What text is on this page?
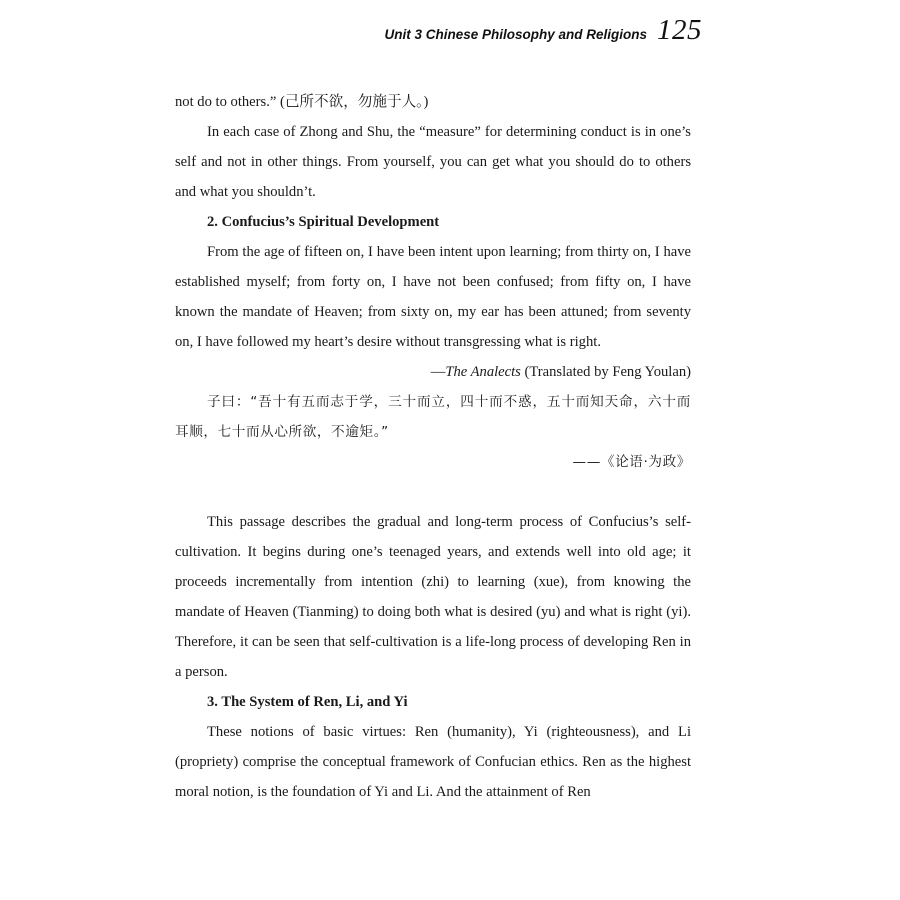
Unit 3 Chinese Philosophy and Religions 125

not do to others.” (己所不欲，勿施于人。)

In each case of Zhong and Shu, the “measure” for determining conduct is in one’s self and not in other things. From yourself, you can get what you should do to others and what you shouldn’t.

2. Confucius’s Spiritual Development

From the age of fifteen on, I have been intent upon learning; from thirty on, I have established myself; from forty on, I have not been confused; from fifty on, I have known the mandate of Heaven; from sixty on, my ear has been attuned; from seventy on, I have followed my heart’s desire without transgressing what is right.

—The Analects (Translated by Feng Youlan)

子曰：“吾十有五而志于学，三十而立，四十而不惑，五十而知天命，六十而耳顺，七十而从心所欲，不逾矩。”

——《论语·为政》

This passage describes the gradual and long-term process of Confucius’s self-cultivation. It begins during one’s teenaged years, and extends well into old age; it proceeds incrementally from intention (zhi) to learning (xue), from knowing the mandate of Heaven (Tianming) to doing both what is desired (yu) and what is right (yi). Therefore, it can be seen that self-cultivation is a life-long process of developing Ren in a person.

3. The System of Ren, Li, and Yi

These notions of basic virtues: Ren (humanity), Yi (righteousness), and Li (propriety) comprise the conceptual framework of Confucian ethics. Ren as the highest moral notion, is the foundation of Yi and Li. And the attainment of Ren
